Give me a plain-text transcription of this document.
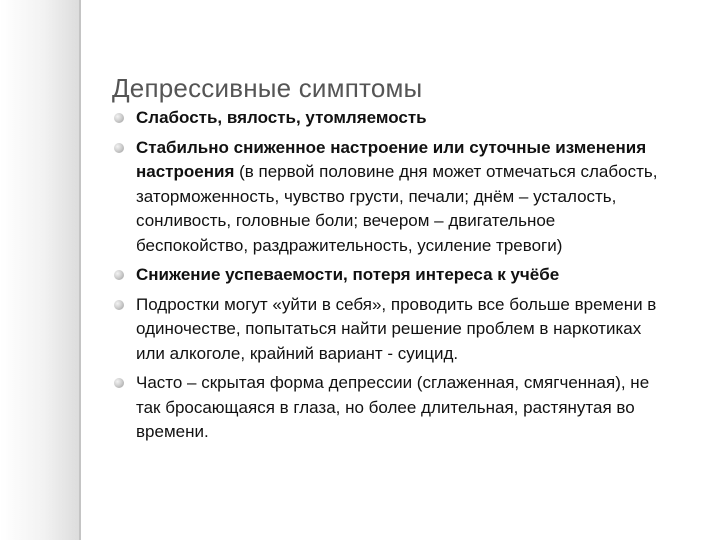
Депрессивные симптомы
Слабость, вялость, утомляемость
Стабильно сниженное настроение или суточные изменения настроения (в первой половине дня может отмечаться слабость, заторможенность, чувство грусти, печали; днём – усталость, сонливость, головные боли; вечером – двигательное беспокойство, раздражительность, усиление тревоги)
Снижение успеваемости, потеря интереса к учёбе
Подростки могут «уйти в себя», проводить все больше времени в одиночестве, попытаться найти решение проблем в наркотиках или алкоголе, крайний вариант - суицид.
Часто – скрытая форма депрессии (сглаженная, смягченная), не так бросающаяся в глаза, но более длительная, растянутая во времени.
